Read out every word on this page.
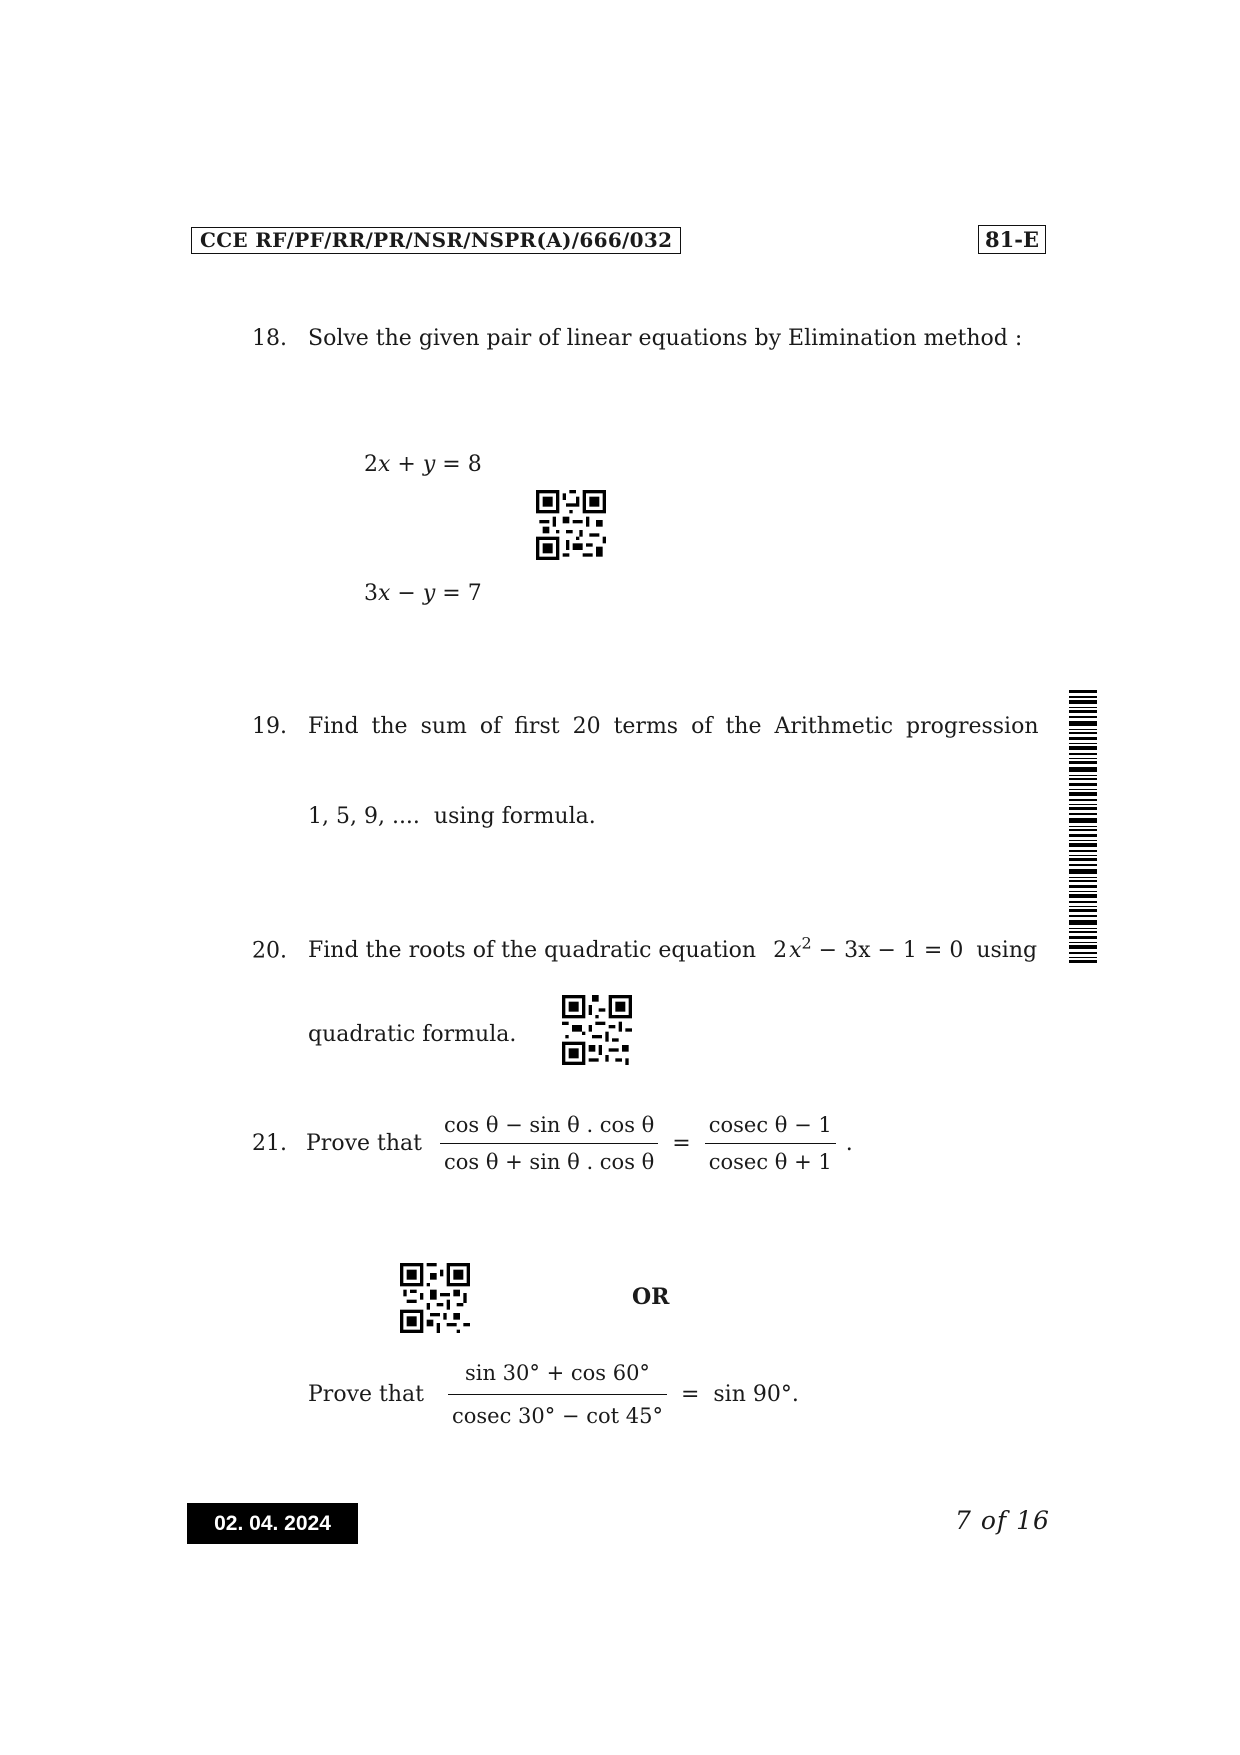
CCE RF/PF/RR/PR/NSR/NSPR(A)/666/032	81-E
18. Solve the given pair of linear equations by Elimination method :
2x + y = 8
3x − y = 7
19. Find the sum of first 20 terms of the Arithmetic progression
1, 5, 9, ....  using formula.
20. Find the roots of the quadratic equation $2x^2 - 3x - 1 = 0$ using
quadratic formula.
21. Prove that $\frac{\text{cos θ − sin θ . cos θ}}{\text{cos θ + sin θ . cos θ}} = \frac{\text{cosec θ − 1}}{\text{cosec θ + 1}}$ .
OR
Prove that $\frac{\sin 30^\circ + \cos 60^\circ}{cosec 30^\circ - \cot 45^\circ} = \sin 90^\circ$.
02. 04. 2024	7 of 16
